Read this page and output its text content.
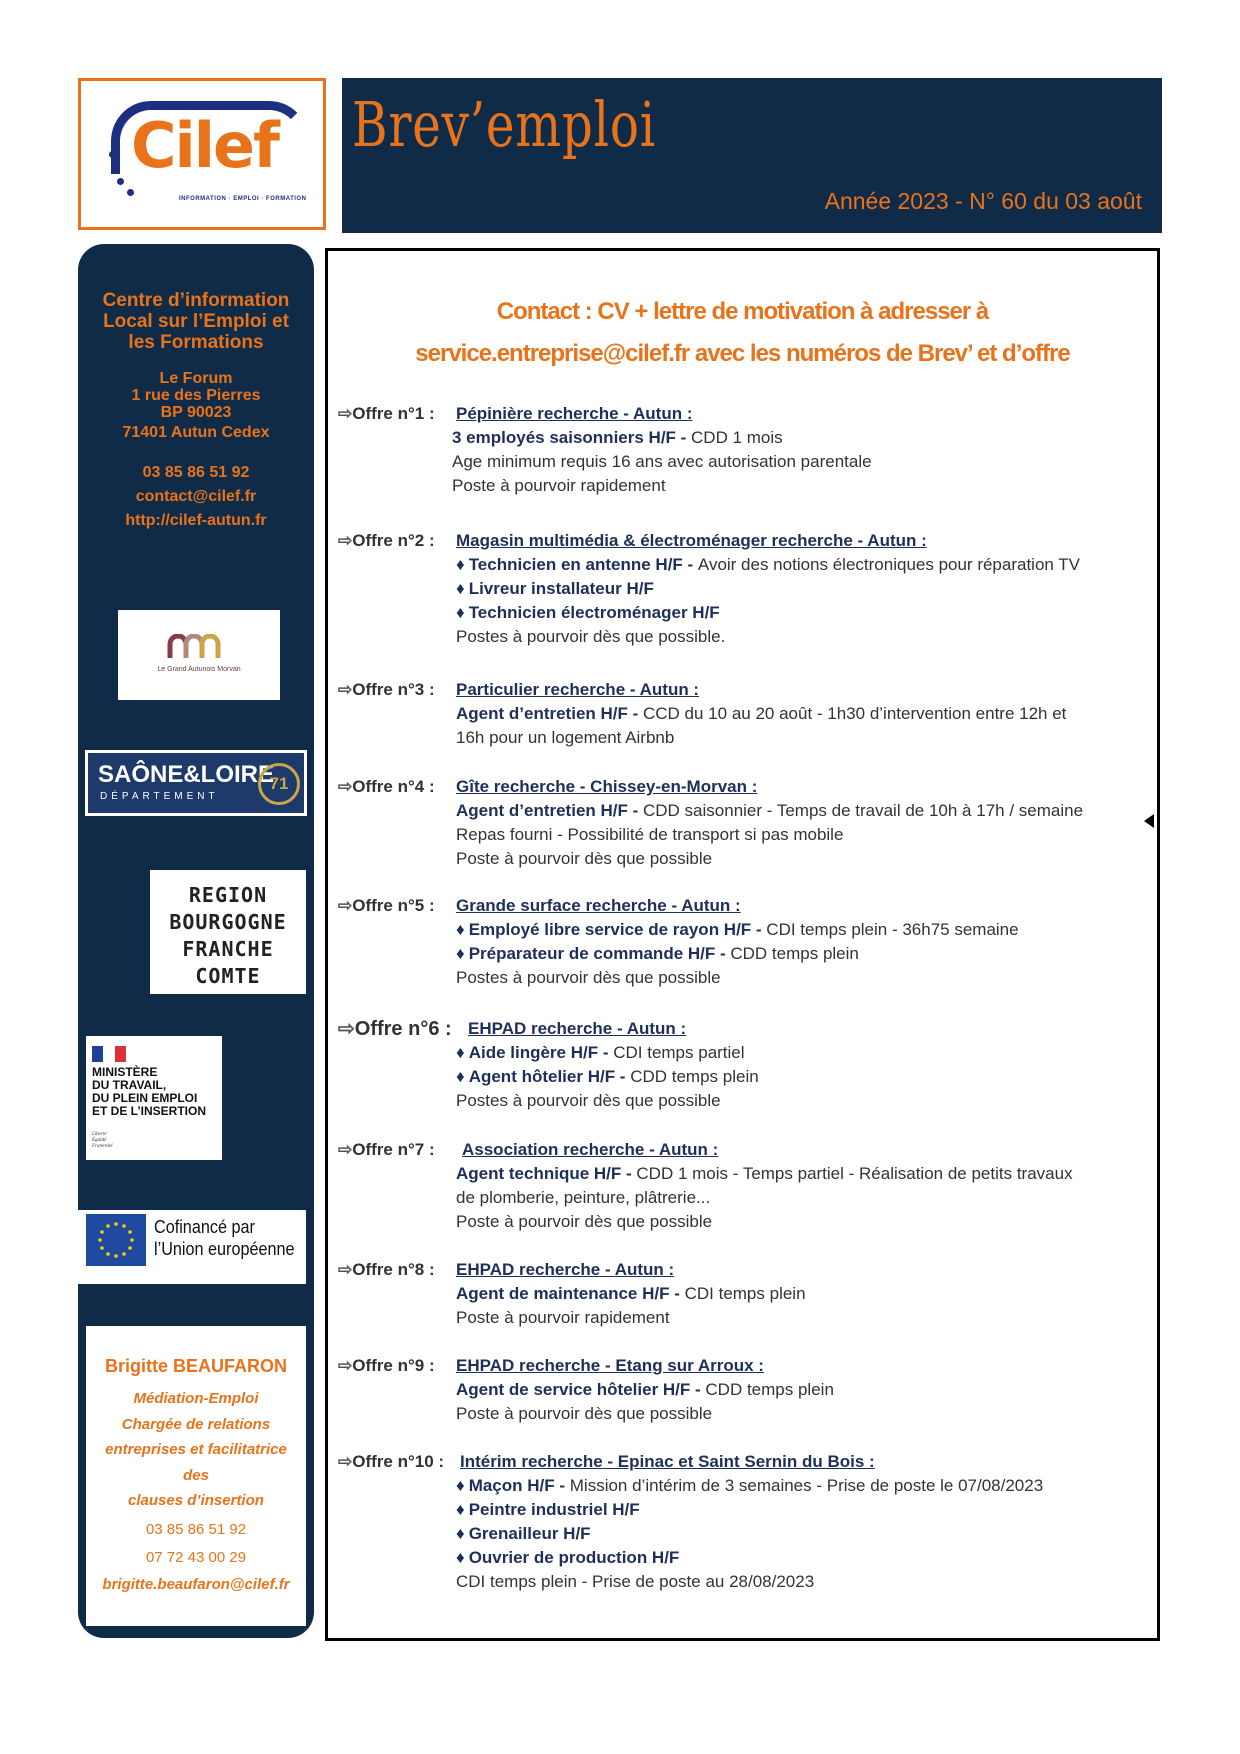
Cilef
INFORMATION · EMPLOI · FORMATION
Brev’emploi
Année 2023 - N° 60 du 03 août
Centre d’information
Local sur l’Emploi et
les Formations
Le Forum
1 rue des Pierres
BP 90023
71401 Autun Cedex
03 85 86 51 92
contact@cilef.fr
http://cilef-autun.fr
Le Grand Autunois Morvan
SAÔNE&LOIRE
DÉPARTEMENT
71
REGION
BOURGOGNE
FRANCHE
COMTE
MINISTÈRE
DU TRAVAIL,
DU PLEIN EMPLOI
ET DE L’INSERTION
Liberté
Égalité
Fraternité
Cofinancé par
l’Union européenne
Brigitte BEAUFARON
Médiation-Emploi
Chargée de relations
entreprises et facilitatrice
des
clauses d’insertion
03 85 86 51 92
07 72 43 00 29
brigitte.beaufaron@cilef.fr
Contact : CV + lettre de motivation à adresser à
service.entreprise@cilef.fr avec les numéros de Brev’ et d’offre
⇨Offre n°1 : Pépinière recherche - Autun :
3 employés saisonniers H/F - CDD 1 mois
Age minimum requis 16 ans avec autorisation parentale
Poste à pourvoir rapidement
⇨Offre n°2 : Magasin multimédia & électroménager recherche - Autun :
♦ Technicien en antenne H/F - Avoir des notions électroniques pour réparation TV
♦ Livreur installateur H/F
♦ Technicien électroménager H/F
Postes à pourvoir dès que possible.
⇨Offre n°3 : Particulier recherche - Autun :
Agent d’entretien H/F - CCD du 10 au 20 août - 1h30 d’intervention entre 12h et
16h pour un logement Airbnb
⇨Offre n°4 : Gîte recherche - Chissey-en-Morvan :
Agent d’entretien H/F - CDD saisonnier - Temps de travail de 10h à 17h / semaine
Repas fourni - Possibilité de transport si pas mobile
Poste à pourvoir dès que possible
⇨Offre n°5 : Grande surface recherche - Autun :
♦ Employé libre service de rayon H/F - CDI temps plein - 36h75 semaine
♦ Préparateur de commande H/F - CDD temps plein
Postes à pourvoir dès que possible
⇨Offre n°6 : EHPAD recherche - Autun :
♦ Aide lingère H/F - CDI temps partiel
♦ Agent hôtelier H/F - CDD temps plein
Postes à pourvoir dès que possible
⇨Offre n°7 : Association recherche - Autun :
Agent technique H/F - CDD 1 mois - Temps partiel - Réalisation de petits travaux
de plomberie, peinture, plâtrerie...
Poste à pourvoir dès que possible
⇨Offre n°8 : EHPAD recherche - Autun :
Agent de maintenance H/F - CDI temps plein
Poste à pourvoir rapidement
⇨Offre n°9 : EHPAD recherche - Etang sur Arroux :
Agent de service hôtelier H/F - CDD temps plein
Poste à pourvoir dès que possible
⇨Offre n°10 : Intérim recherche - Epinac et Saint Sernin du Bois :
♦ Maçon H/F - Mission d’intérim de 3 semaines - Prise de poste le 07/08/2023
♦ Peintre industriel H/F
♦ Grenailleur H/F
♦ Ouvrier de production H/F
CDI temps plein - Prise de poste au 28/08/2023
